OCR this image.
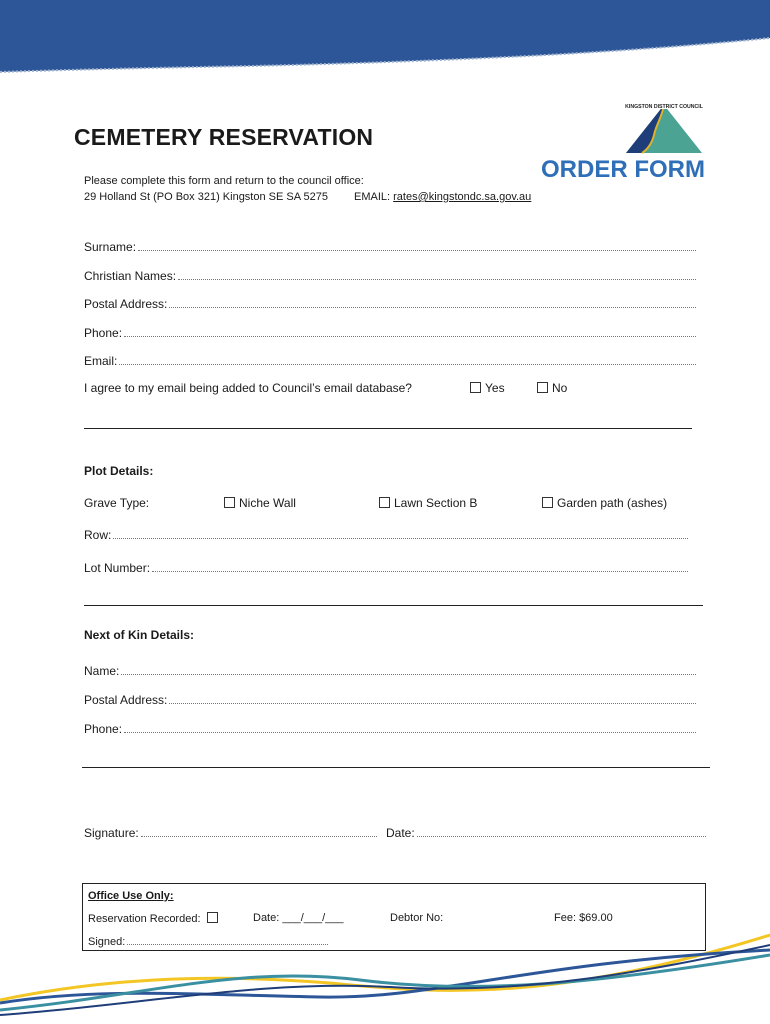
KINGSTON DISTRICT COUNCIL
CEMETERY RESERVATION
ORDER FORM
Please complete this form and return to the council office:
29 Holland St (PO Box 321) Kingston SE SA 5275 EMAIL: rates@kingstondc.sa.gov.au
Surname:
Christian Names:
Postal Address:
Phone:
Email:
I agree to my email being added to Council’s email database?	Yes	No
Plot Details:
Grave Type:	Niche Wall	Lawn Section B	Garden path (ashes)
Row:
Lot Number:
Next of Kin Details:
Name:
Postal Address:
Phone:
Signature:	Date:
Office Use Only:
Reservation Recorded:	Date: ___/___/___	Debtor No:	Fee: $69.00
Signed:
